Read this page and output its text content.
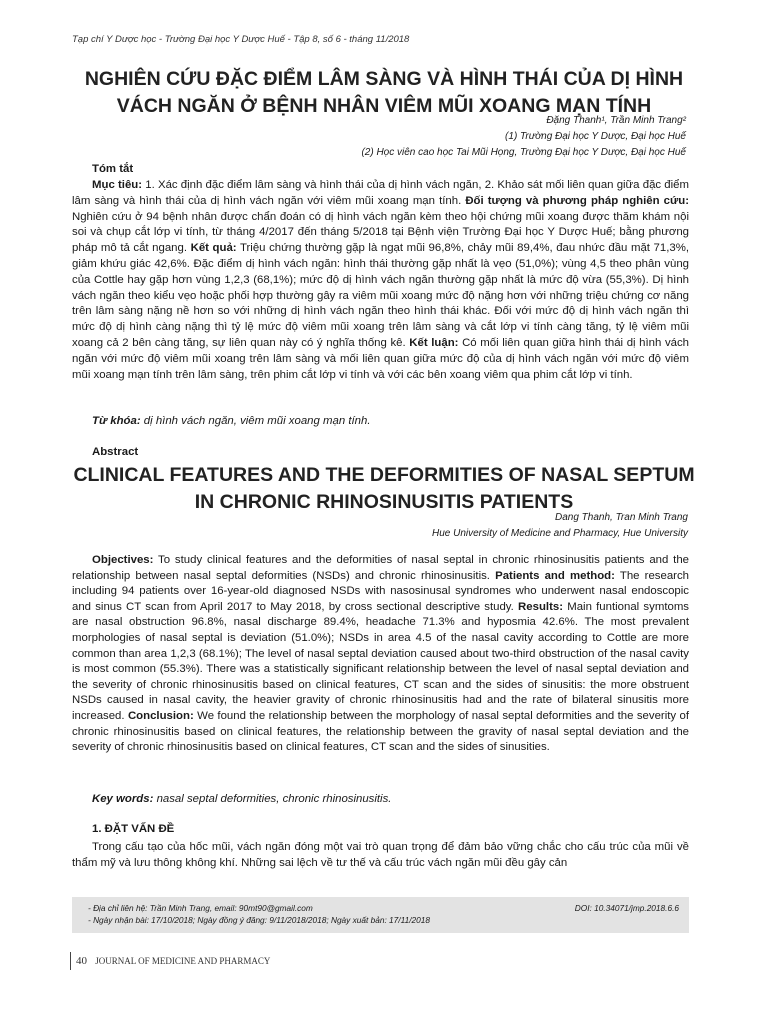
Tạp chí Y Dược học - Trường Đại học Y Dược Huế - Tập 8, số 6 - tháng 11/2018
NGHIÊN CỨU ĐẶC ĐIỂM LÂM SÀNG VÀ HÌNH THÁI CỦA DỊ HÌNH
VÁCH NGĂN Ở BỆNH NHÂN VIÊM MŨI XOANG MẠN TÍNH
Đặng Thanh¹, Trần Minh Trang²
(1) Trường Đại học Y Dược, Đại học Huế
(2) Học viên cao học Tai Mũi Họng, Trường Đại học Y Dược, Đại học Huế
Tóm tắt
Mục tiêu: 1. Xác định đặc điểm lâm sàng và hình thái của dị hình vách ngăn, 2. Khảo sát mối liên quan giữa đặc điểm lâm sàng và hình thái của dị hình vách ngăn với viêm mũi xoang mạn tính. Đối tượng và phương pháp nghiên cứu: Nghiên cứu ở 94 bệnh nhân được chẩn đoán có dị hình vách ngăn kèm theo hội chứng mũi xoang được thăm khám nội soi và chụp cắt lớp vi tính, từ tháng 4/2017 đến tháng 5/2018 tại Bệnh viện Trường Đại học Y Dược Huế; bằng phương pháp mô tả cắt ngang. Kết quả: Triệu chứng thường gặp là ngạt mũi 96,8%, chảy mũi 89,4%, đau nhức đầu mặt 71,3%, giảm khứu giác 42,6%. Đặc điểm dị hình vách ngăn: hình thái thường gặp nhất là vẹo (51,0%); vùng 4,5 theo phân vùng của Cottle hay gặp hơn vùng 1,2,3 (68,1%); mức độ dị hình vách ngăn thường gặp nhất là mức độ vừa (55,3%). Dị hình vách ngăn theo kiểu vẹo hoặc phối hợp thường gây ra viêm mũi xoang mức độ nặng hơn với những triệu chứng cơ năng trên lâm sàng nặng nề hơn so với những dị hình vách ngăn theo hình thái khác. Đối với mức độ dị hình vách ngăn thì mức độ dị hình càng nặng thì tỷ lệ mức độ viêm mũi xoang trên lâm sàng và cắt lớp vi tính càng tăng, tỷ lệ viêm mũi xoang cả 2 bên càng tăng, sự liên quan này có ý nghĩa thống kê. Kết luận: Có mối liên quan giữa hình thái dị hình vách ngăn với mức độ viêm mũi xoang trên lâm sàng và mối liên quan giữa mức độ của dị hình vách ngăn với mức độ viêm mũi xoang mạn tính trên lâm sàng, trên phim cắt lớp vi tính và với các bên xoang viêm qua phim cắt lớp vi tính.
Từ khóa: dị hình vách ngăn, viêm mũi xoang mạn tính.
Abstract
CLINICAL FEATURES AND THE DEFORMITIES OF NASAL SEPTUM
IN CHRONIC RHINOSINUSITIS PATIENTS
Dang Thanh, Tran Minh Trang
Hue University of Medicine and Pharmacy, Hue University
Objectives: To study clinical features and the deformities of nasal septal in chronic rhinosinusitis patients and the relationship between nasal septal deformities (NSDs) and chronic rhinosinusitis. Patients and method: The research including 94 patients over 16-year-old diagnosed NSDs with nasosinusal syndromes who underwent nasal endoscopic and sinus CT scan from April 2017 to May 2018, by cross sectional descriptive study. Results: Main funtional symtoms are nasal obstruction 96.8%, nasal discharge 89.4%, headache 71.3% and hyposmia 42.6%. The most prevalent morphologies of nasal septal is deviation (51.0%); NSDs in area 4.5 of the nasal cavity according to Cottle are more common than area 1,2,3 (68.1%); The level of nasal septal deviation caused about two-third obstruction of the nasal cavity is most common (55.3%). There was a statistically significant relationship between the level of nasal septal deviation and the severity of chronic rhinosinusitis based on clinical features, CT scan and the sides of sinusitis: the more obstruent NSDs caused in nasal cavity, the heavier gravity of chronic rhinosinusitis had and the rate of bilateral sinusitis more increased. Conclusion: We found the relationship between the morphology of nasal septal deformities and the severity of chronic rhinosinusitis based on clinical features, the relationship between the gravity of nasal septal deviation and the severity of chronic rhinosinusitis based on clinical features, CT scan and the sides of sinusities.
Key words: nasal septal deformities, chronic rhinosinusitis.
1. ĐẶT VẤN ĐỀ
Trong cấu tạo của hốc mũi, vách ngăn đóng một vai trò quan trọng để đảm bảo vững chắc cho cấu trúc của mũi về thẩm mỹ và lưu thông không khí. Những sai lệch về tư thế và cấu trúc vách ngăn mũi đều gây cản
- Địa chỉ liên hệ: Trần Minh Trang, email: 90mt90@gmail.com
- Ngày nhận bài: 17/10/2018; Ngày đồng ý đăng: 9/11/2018/2018; Ngày xuất bản: 17/11/2018
DOI: 10.34071/jmp.2018.6.6
40 JOURNAL OF MEDICINE AND PHARMACY
